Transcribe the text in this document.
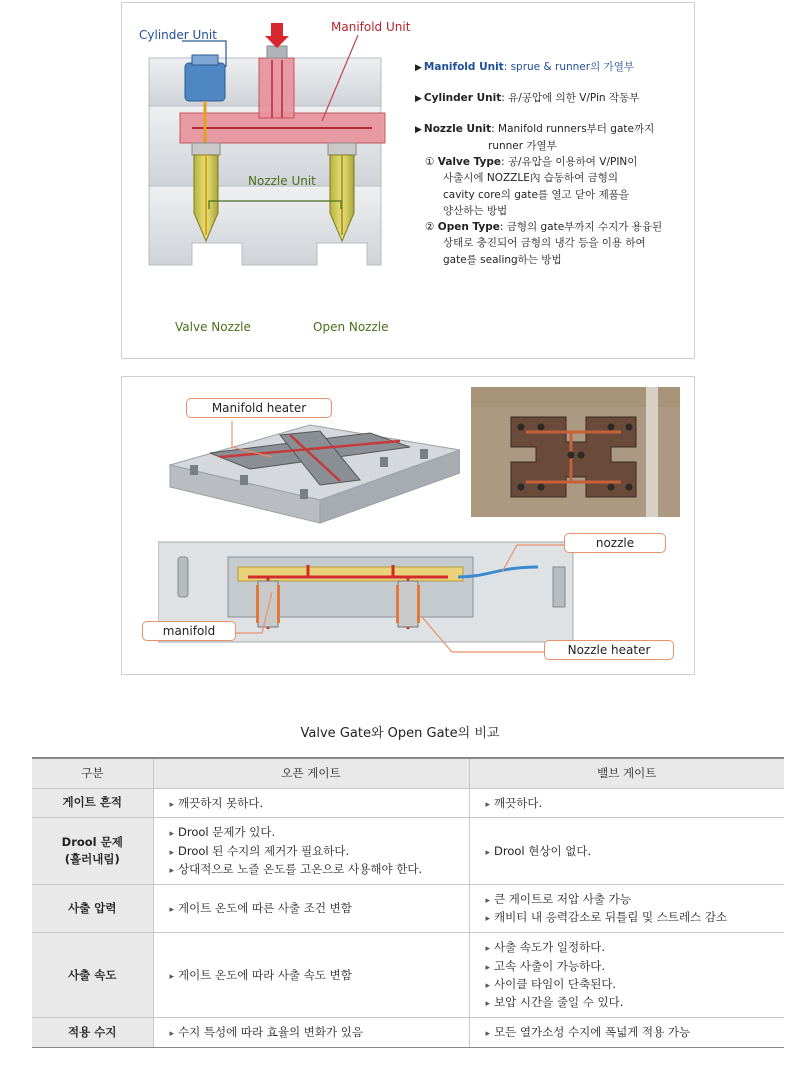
Cylinder Unit
Manifold Unit
Nozzle Unit
Valve Nozzle	Open Nozzle
▶ Manifold Unit: sprue & runner의 가열부
▶ Cylinder Unit: 유/공압에 의한 V/Pin 작동부
▶ Nozzle Unit: Manifold runners부터 gate까지
runner 가열부
① Valve Type: 공/유압을 이용하여 V/PIN이
사출시에 NOZZLE內 습동하여 금형의
cavity core의 gate를 열고 닫아 제품을
양산하는 방법
② Open Type: 금형의 gate부까지 수지가 용융된
상태로 충진되어 금형의 냉각 등을 이용 하여
gate를 sealing하는 방법
Manifold heater
nozzle
manifold
Nozzle heater
Valve Gate와 Open Gate의 비교
구분	오픈 게이트	밸브 게이트
게이트 흔적	▸ 깨끗하지 못하다.	▸ 깨끗하다.

Drool 문제
(흘러내림)	▸ Drool 문제가 있다.
▸ Drool 된 수지의 제거가 필요하다.
▸ 상대적으로 노즐 온도를 고온으로 사용해야 한다.	▸ Drool 현상이 없다.

사출 압력	▸ 게이트 온도에 따른 사출 조건 변함	▸ 큰 게이트로 저압 사출 가능
▸ 캐비티 내 응력감소로 뒤틀림 및 스트레스 감소

사출 속도	▸ 게이트 온도에 따라 사출 속도 변함	▸ 사출 속도가 일정하다.
▸ 고속 사출이 가능하다.
▸ 사이클 타임이 단축된다.
▸ 보압 시간을 줄일 수 있다.

적용 수지	▸ 수지 특성에 따라 효율의 변화가 있음	▸ 모든 열가소성 수지에 폭넓게 적용 가능
